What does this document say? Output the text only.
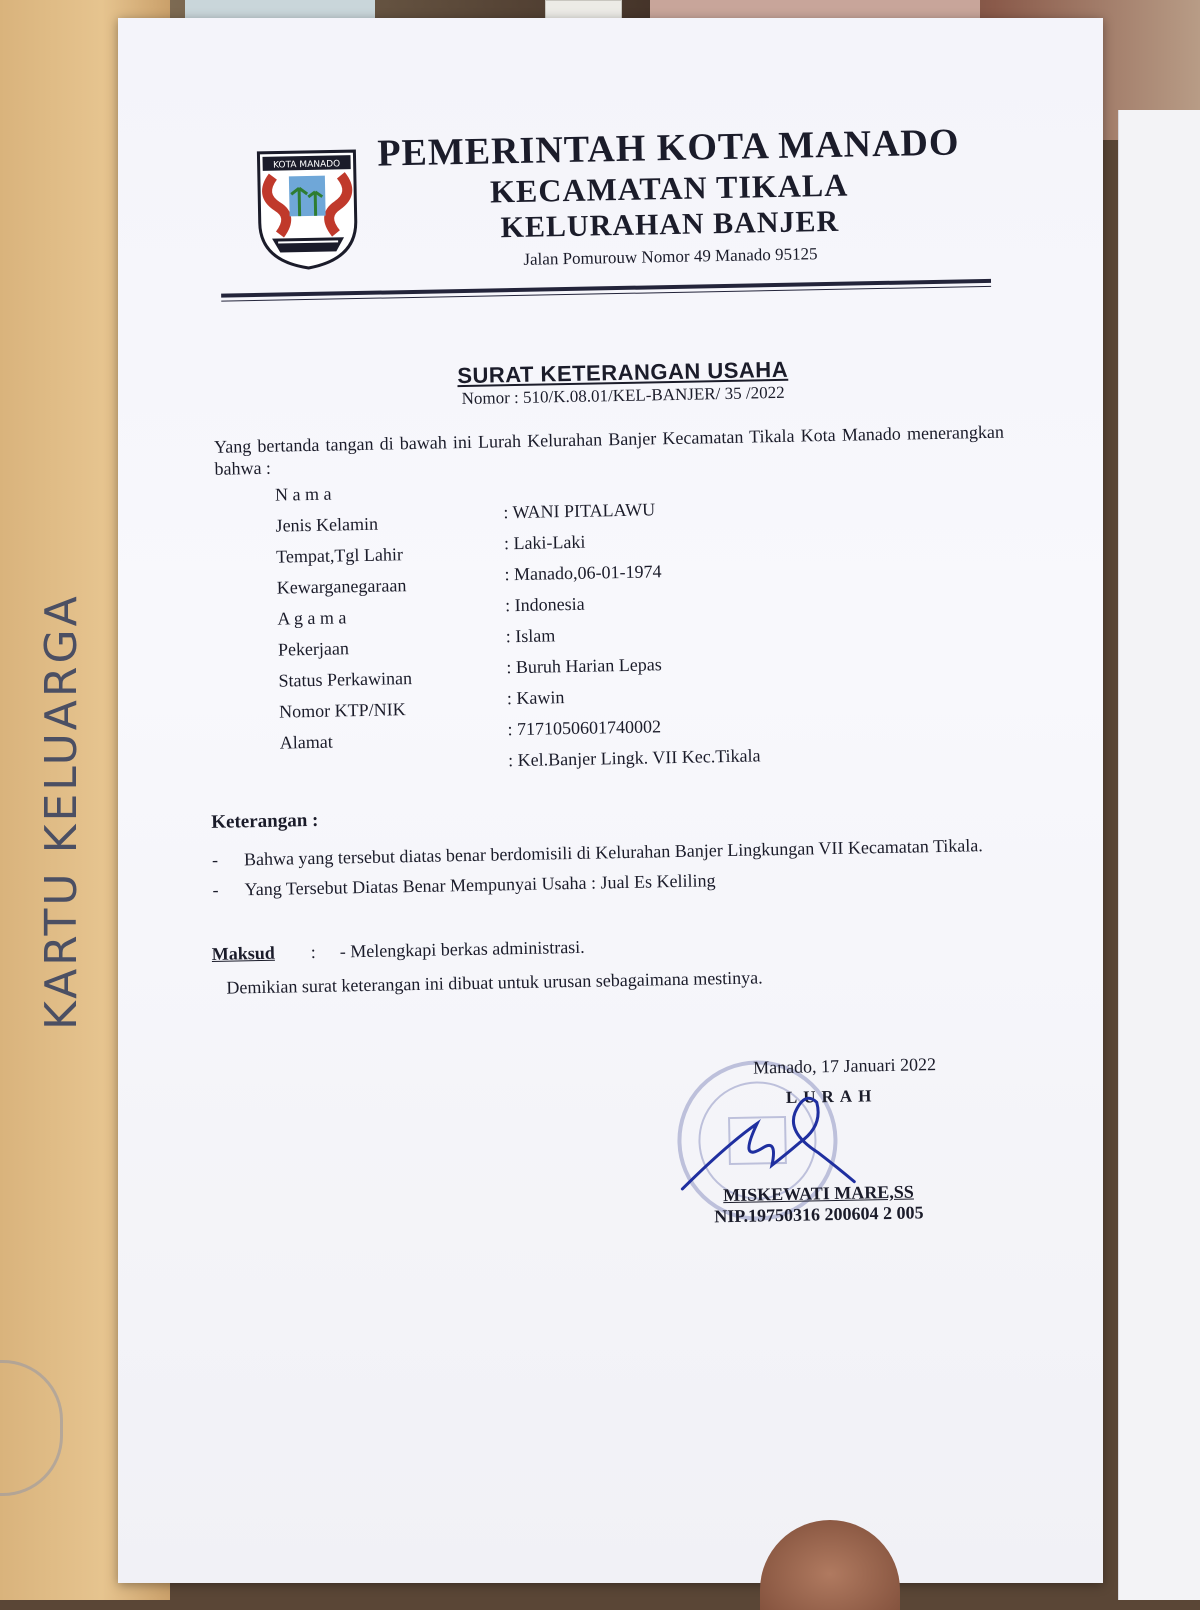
KARTU KELUARGA
KOTA MANADO PEMERINTAH KOTA MANADO
KECAMATAN TIKALA
KELURAHAN BANJER
Jalan Pomurouw Nomor 49 Manado 95125
SURAT KETERANGAN USAHA
Nomor : 510/K.08.01/KEL-BANJER/ 35 /2022
Yang bertanda tangan di bawah ini Lurah Kelurahan Banjer Kecamatan Tikala Kota Manado menerangkan bahwa :
N a m a
: WANI PITALAWU
Jenis Kelamin
: Laki-Laki
Tempat,Tgl Lahir
: Manado,06-01-1974
Kewarganegaraan
: Indonesia
A g a m a
: Islam
Pekerjaan
: Buruh Harian Lepas
Status Perkawinan
: Kawin
Nomor KTP/NIK
: 7171050601740002
Alamat
: Kel.Banjer Lingk. VII Kec.Tikala
Keterangan :
- Bahwa yang tersebut diatas benar berdomisili di Kelurahan Banjer Lingkungan VII Kecamatan Tikala.
- Yang Tersebut Diatas Benar Mempunyai Usaha : Jual Es Keliling
Maksud : - Melengkapi berkas administrasi.
Demikian surat keterangan ini dibuat untuk urusan sebagaimana mestinya.
Manado, 17 Januari 2022
LURAH
MISKEWATI MARE,SS
NIP.19750316 200604 2 005
